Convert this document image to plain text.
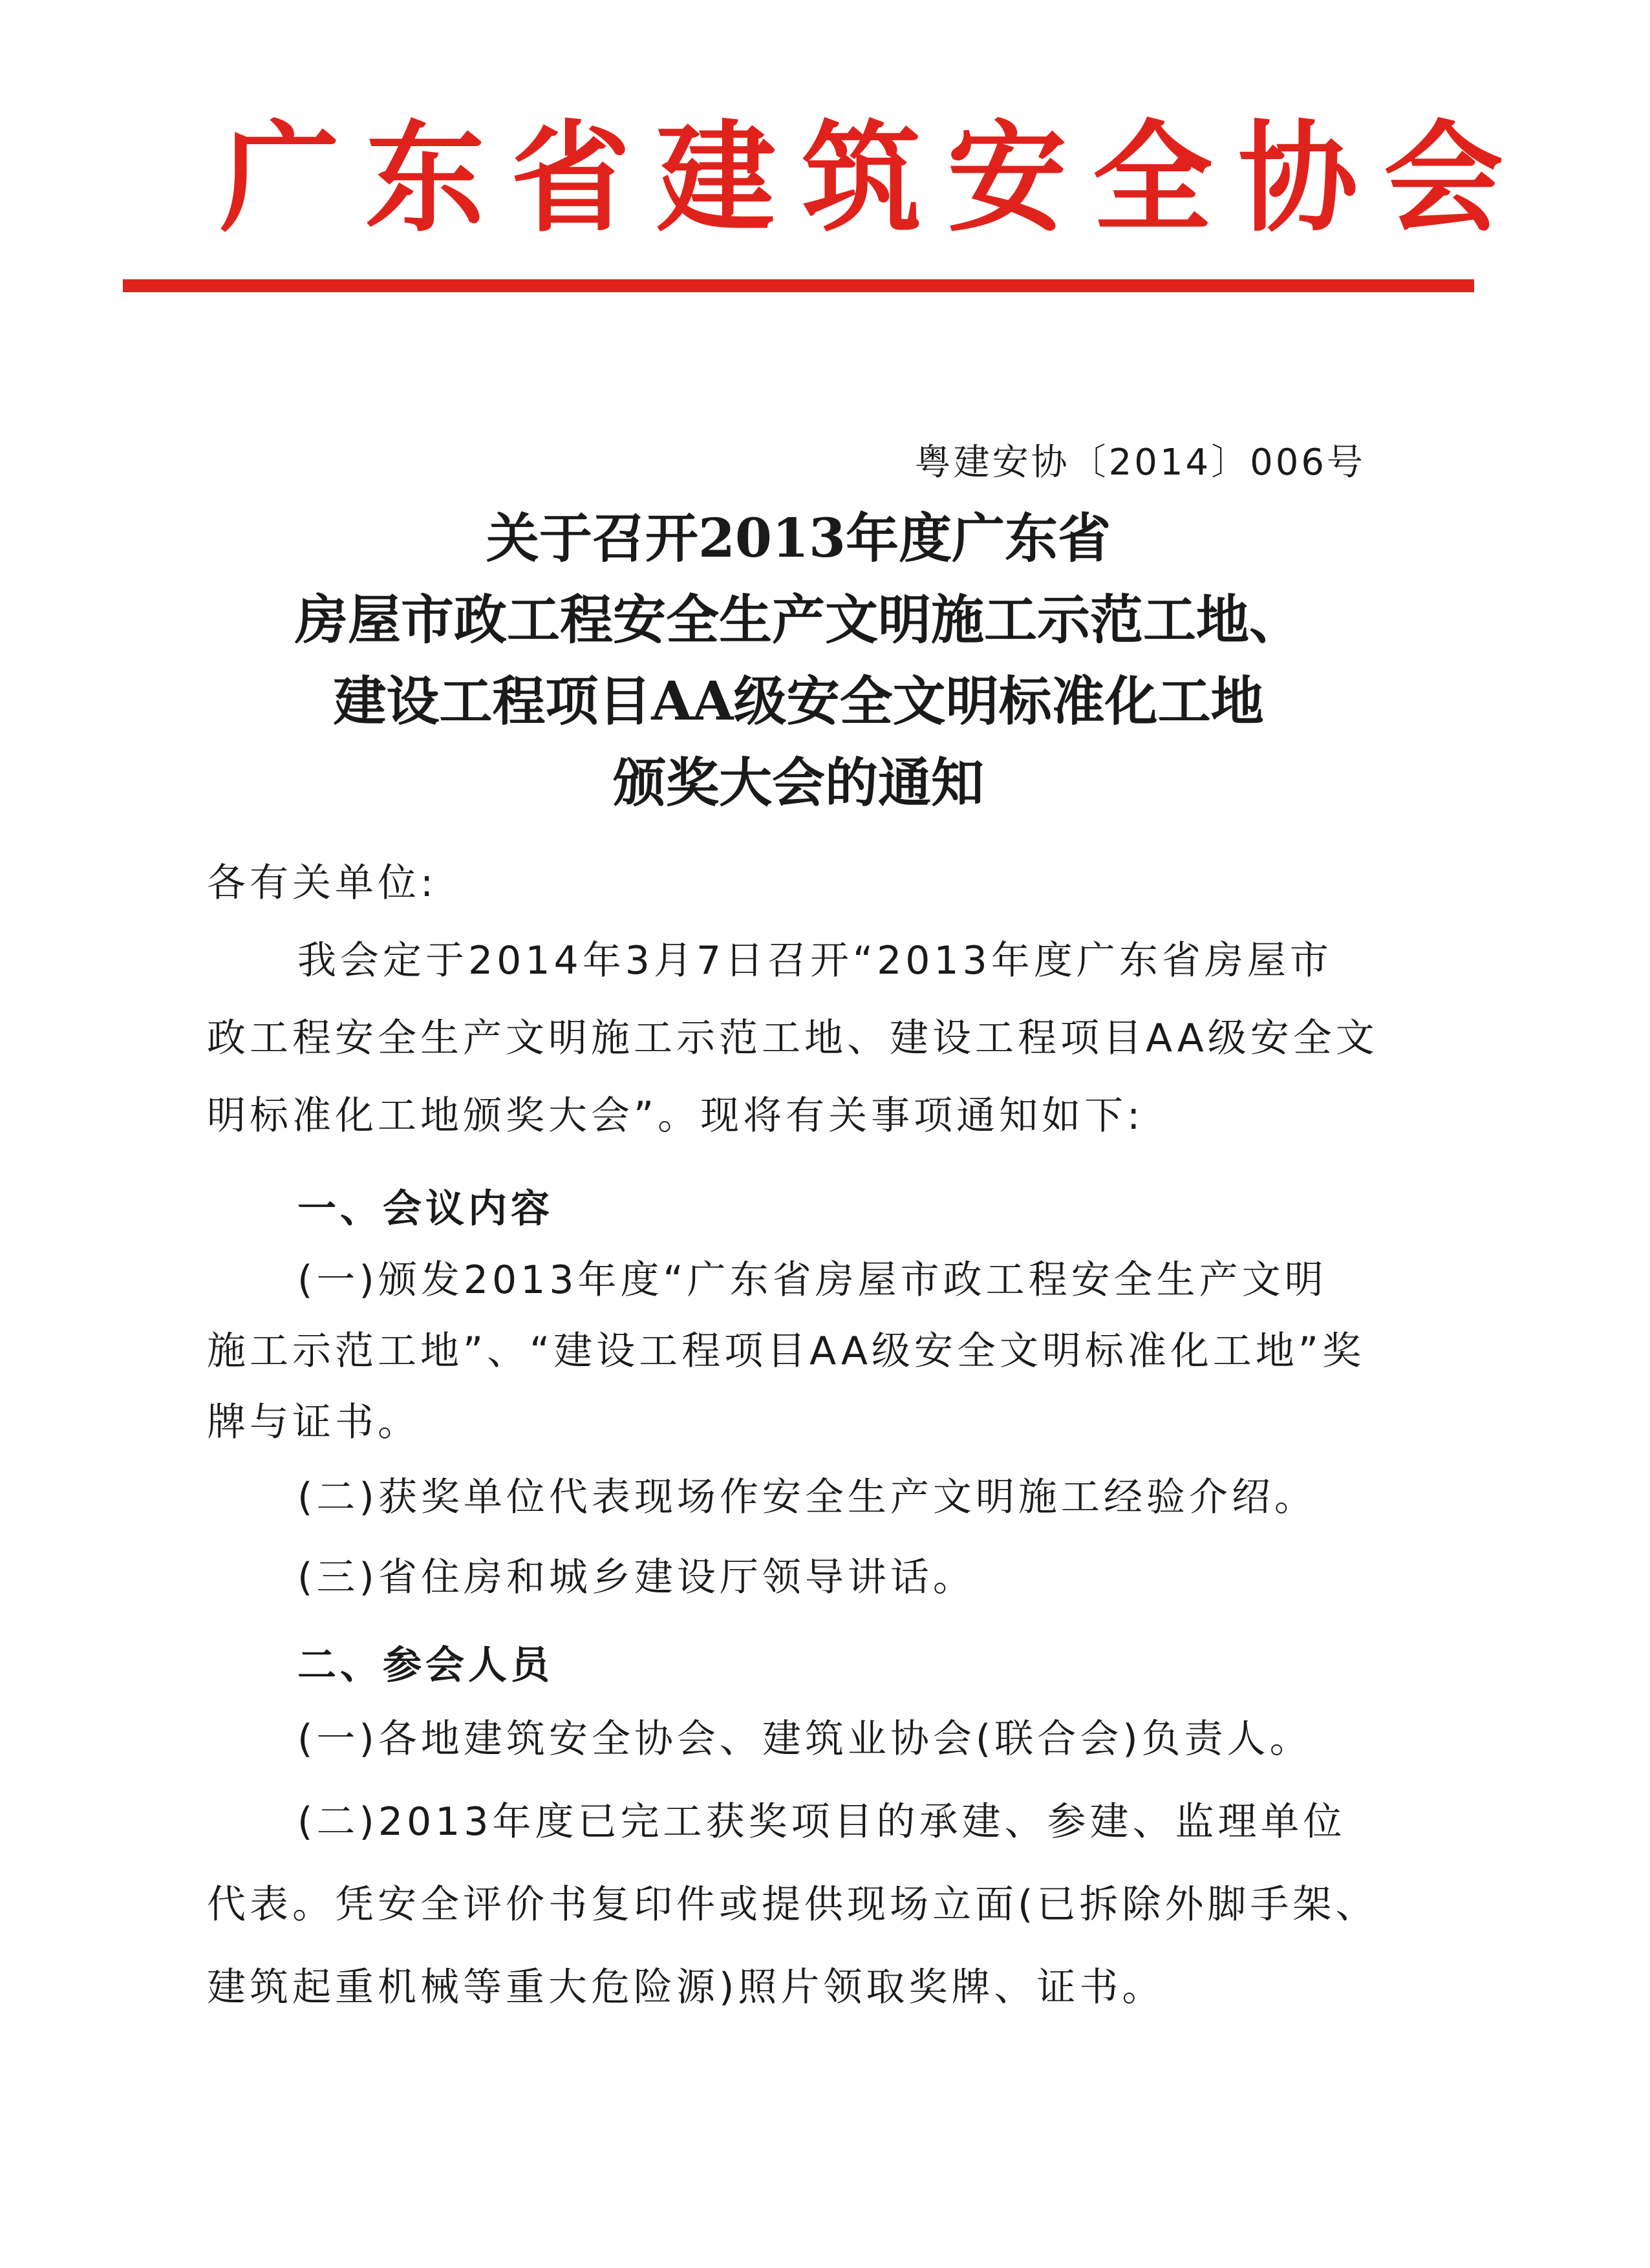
广东省建筑安全协会
粤建安协〔2014〕006号
关于召开2013年度广东省
房屋市政工程安全生产文明施工示范工地、
建设工程项目AA级安全文明标准化工地
颁奖大会的通知
各有关单位:
我会定于2014年3月7日召开“2013年度广东省房屋市
政工程安全生产文明施工示范工地、建设工程项目AA级安全文
明标准化工地颁奖大会”。现将有关事项通知如下:
一、会议内容
(一)颁发2013年度“广东省房屋市政工程安全生产文明
施工示范工地”、“建设工程项目AA级安全文明标准化工地”奖
牌与证书。
(二)获奖单位代表现场作安全生产文明施工经验介绍。
(三)省住房和城乡建设厅领导讲话。
二、参会人员
(一)各地建筑安全协会、建筑业协会(联合会)负责人。
(二)2013年度已完工获奖项目的承建、参建、监理单位
代表。凭安全评价书复印件或提供现场立面(已拆除外脚手架、
建筑起重机械等重大危险源)照片领取奖牌、证书。
